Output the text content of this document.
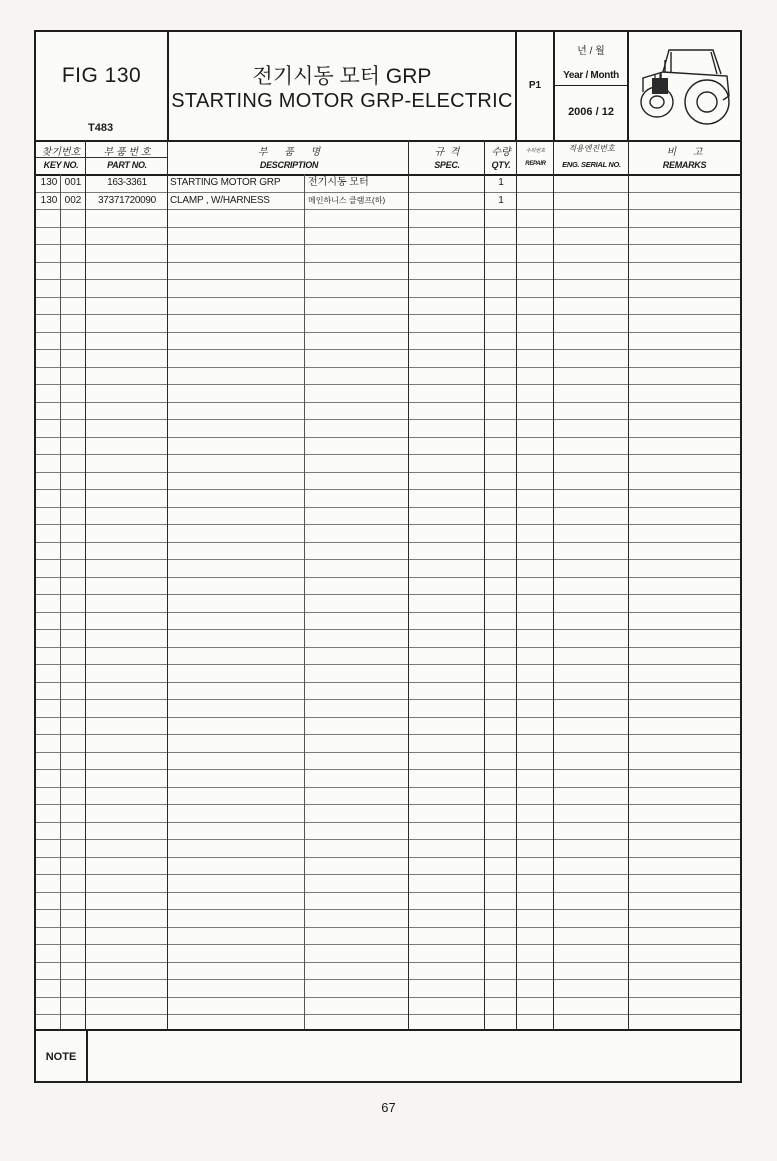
FIG 130
T483
전기시동 모터 GRP
STARTING MOTOR GRP-ELECTRIC
P1
년 / 월
Year / Month
2006 / 12
찾기번호
KEY NO.
부 품 번 호
PART NO.
부      품      명
DESCRIPTION
규  격
SPEC.
수량
QTY.
수리번호
REPAIR
적용엔진번호
ENG. SERIAL NO.
비      고
REMARKS
130 001	163-3361	STARTING MOTOR GRP	전기시동 모터	1
130 002	37371720090	CLAMP , W/HARNESS	메인하니스 클램프(하)	1
NOTE
67
